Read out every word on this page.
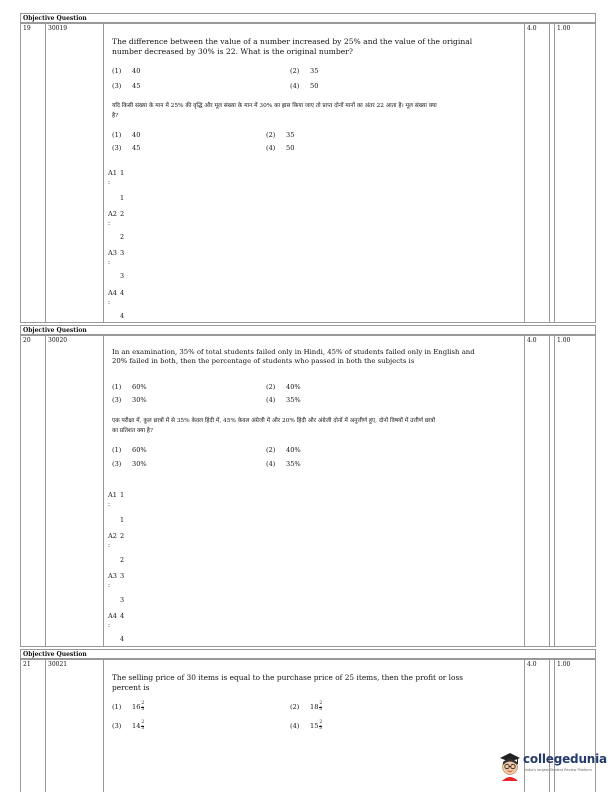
Objective Question
19	30019	4.0	1.00
The difference between the value of a number increased by 25% and the value of the original number decreased by 30% is 22. What is the original number?
(1) 40	(2) 35
(3) 45	(4) 50
यदि किसी संख्या के मान में 25% की वृद्धि और मूल संख्या के मान में 30% का ह्रास किया जाए तो प्राप्त दोनों मानों का अंतर 22 आता है। मूल संख्या क्या है?
(1) 40	(2) 35
(3) 45	(4) 50
A1 1
:
1
A2 2
:
2
A3 3
:
3
A4 4
:
4
Objective Question
20	30020	4.0	1.00
In an examination, 35% of total students failed only in Hindi, 45% of students failed only in English and 20% failed in both, then the percentage of students who passed in both the subjects is
(1) 60%	(2) 40%
(3) 30%	(4) 35%
एक परीक्षा में, कुल छात्रों में से 35% केवल हिंदी में, 45% केवल अंग्रेजी में और 20% हिंदी और अंग्रेजी दोनों में अनुत्तीर्ण हुए, दोनों विषयों में उत्तीर्ण छात्रों का प्रतिशत क्या है?
(1) 60%	(2) 40%
(3) 30%	(4) 35%
A1 1
:
1
A2 2
:
2
A3 3
:
3
A4 4
:
4
Objective Question
21	30021	4.0	1.00
The selling price of 30 items is equal to the purchase price of 25 items, then the profit or loss percent is
(1) $16 \frac{2}{3}$	(2) $18 \frac{2}{3}$
(3) $14 \frac{2}{3}$	(4) $15 \frac{2}{3}$
collegedunia
India's largest Student Review Platform
